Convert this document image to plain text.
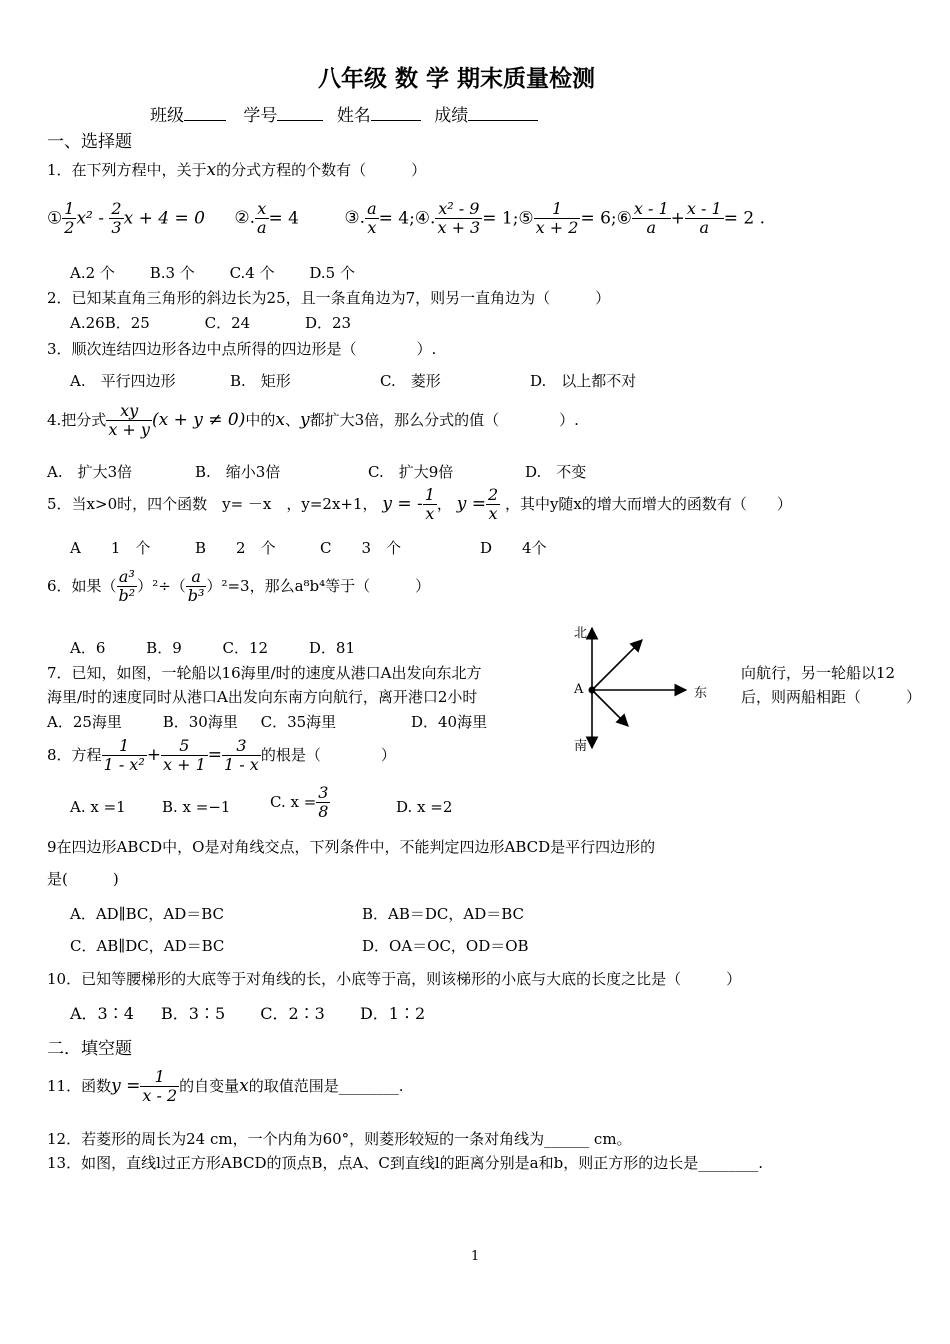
八年级 数 学 期末质量检测
班级	学号	姓名	成绩
一、选择题
1．在下列方程中，关于x的分式方程的个数有（　　　）
① $\frac{1}{2} x^2 - \frac{2}{3}$ x + 4 = 0 ②. $\frac{x}{a} = 4$	③. $\frac{a}{x}$ = 4;④. $\frac{\text{x² - 9}}{x + 3}$ = 1;⑤ $\frac{1}{x + 2}$ = 6;⑥ $\frac{x - 1}{a} + \frac{x - 1}{a} = 2$ .
A.2 个 B.3 个 C.4 个 D.5 个
2．已知某直角三角形的斜边长为25，且一条直角边为7，则另一直角边为（　　　）
A.26B．25	C．24	D．23
3．顺次连结四边形各边中点所得的四边形是（　　　　）.
A.　平行四边形	B.　矩形	C.　菱形	D.　以上都不对
4.把分式 $\frac{xy}{x + y} (x + y \ne 0)$中的x、y都扩大3倍，那么分式的值（　　　　）.
A.　扩大3倍	B.　缩小3倍	C.　扩大9倍	D.　不变
5．当x>0时，四个函数　y= －x　，y=2x+1， y = - $\frac{1}{x}$ ， $y = \frac{2}{x}$ ，其中y随x的增大而增大的函数有（　　）
A　　1　个	B　　2　个	C　　3　个	D　　4个
6．如果（ $\frac{\text{a³}}{\text{b²}} )^2\div( \frac{a}{\text{b³}} )^2=3$，那么a⁸b⁴等于（　　　）
A．6	B．9	C．12	D．81
7．已知，如图，一轮船以16海里/时的速度从港口A出发向东北方	向航行，另一轮船以12
海里/时的速度同时从港口A出发向东南方向航行，离开港口2小时	后，则两船相距（　　　）
A．25海里	B．30海里 C．35海里	D．40海里
北
南
东
A
8．方程 $\frac{1}{\text{1 - x²}} + \frac{5}{x + 1} = \frac{3}{1 - x}$ 的根是（　　　　）
A. x =1 B. x =−1	C. $x = \frac{3}{8}$	D. x =2
9在四边形ABCD中，O是对角线交点，下列条件中，不能判定四边形ABCD是平行四边形的
是(　　　)
A．AD∥BC，AD＝BC	B．AB＝DC，AD＝BC
C．AB∥DC，AD＝BC	D．OA＝OC，OD＝OB
10．已知等腰梯形的大底等于对角线的长，小底等于高，则该梯形的小底与大底的长度之比是（　　　）
A．3∶4 B．3∶5 C．2∶3 D．1∶2
二．填空题
11．函数$y = \frac{1}{x - 2}$ 的自变量x的取值范围是________.
12．若菱形的周长为24 cm，一个内角为60°，则菱形较短的一条对角线为______ cm。
13．如图，直线l过正方形ABCD的顶点B，点A、C到直线l的距离分别是a和b，则正方形的边长是________.
1
